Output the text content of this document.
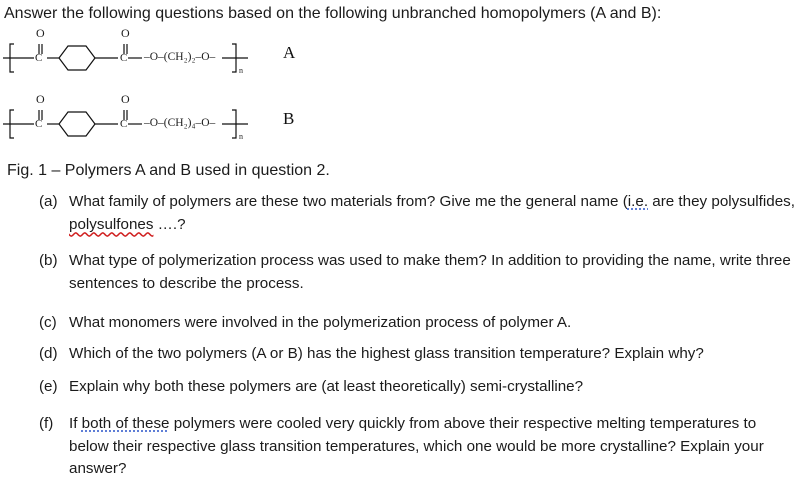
Answer the following questions based on the following unbranched homopolymers (A and B):
O
C
O
C –O–(CH₂)₂–O–
n
A
O
C
O
C –O–(CH₂)₄–O–
n
B
Fig. 1 – Polymers A and B used in question 2.
(a) What family of polymers are these two materials from? Give me the general name (i.e. are they polysulfides, polysulfones ….?
(b) What type of polymerization process was used to make them? In addition to providing the name, write three sentences to describe the process.
(c) What monomers were involved in the polymerization process of polymer A.
(d) Which of the two polymers (A or B) has the highest glass transition temperature? Explain why?
(e) Explain why both these polymers are (at least theoretically) semi-crystalline?
(f) If both of these polymers were cooled very quickly from above their respective melting temperatures to below their respective glass transition temperatures, which one would be more crystalline? Explain your answer?
